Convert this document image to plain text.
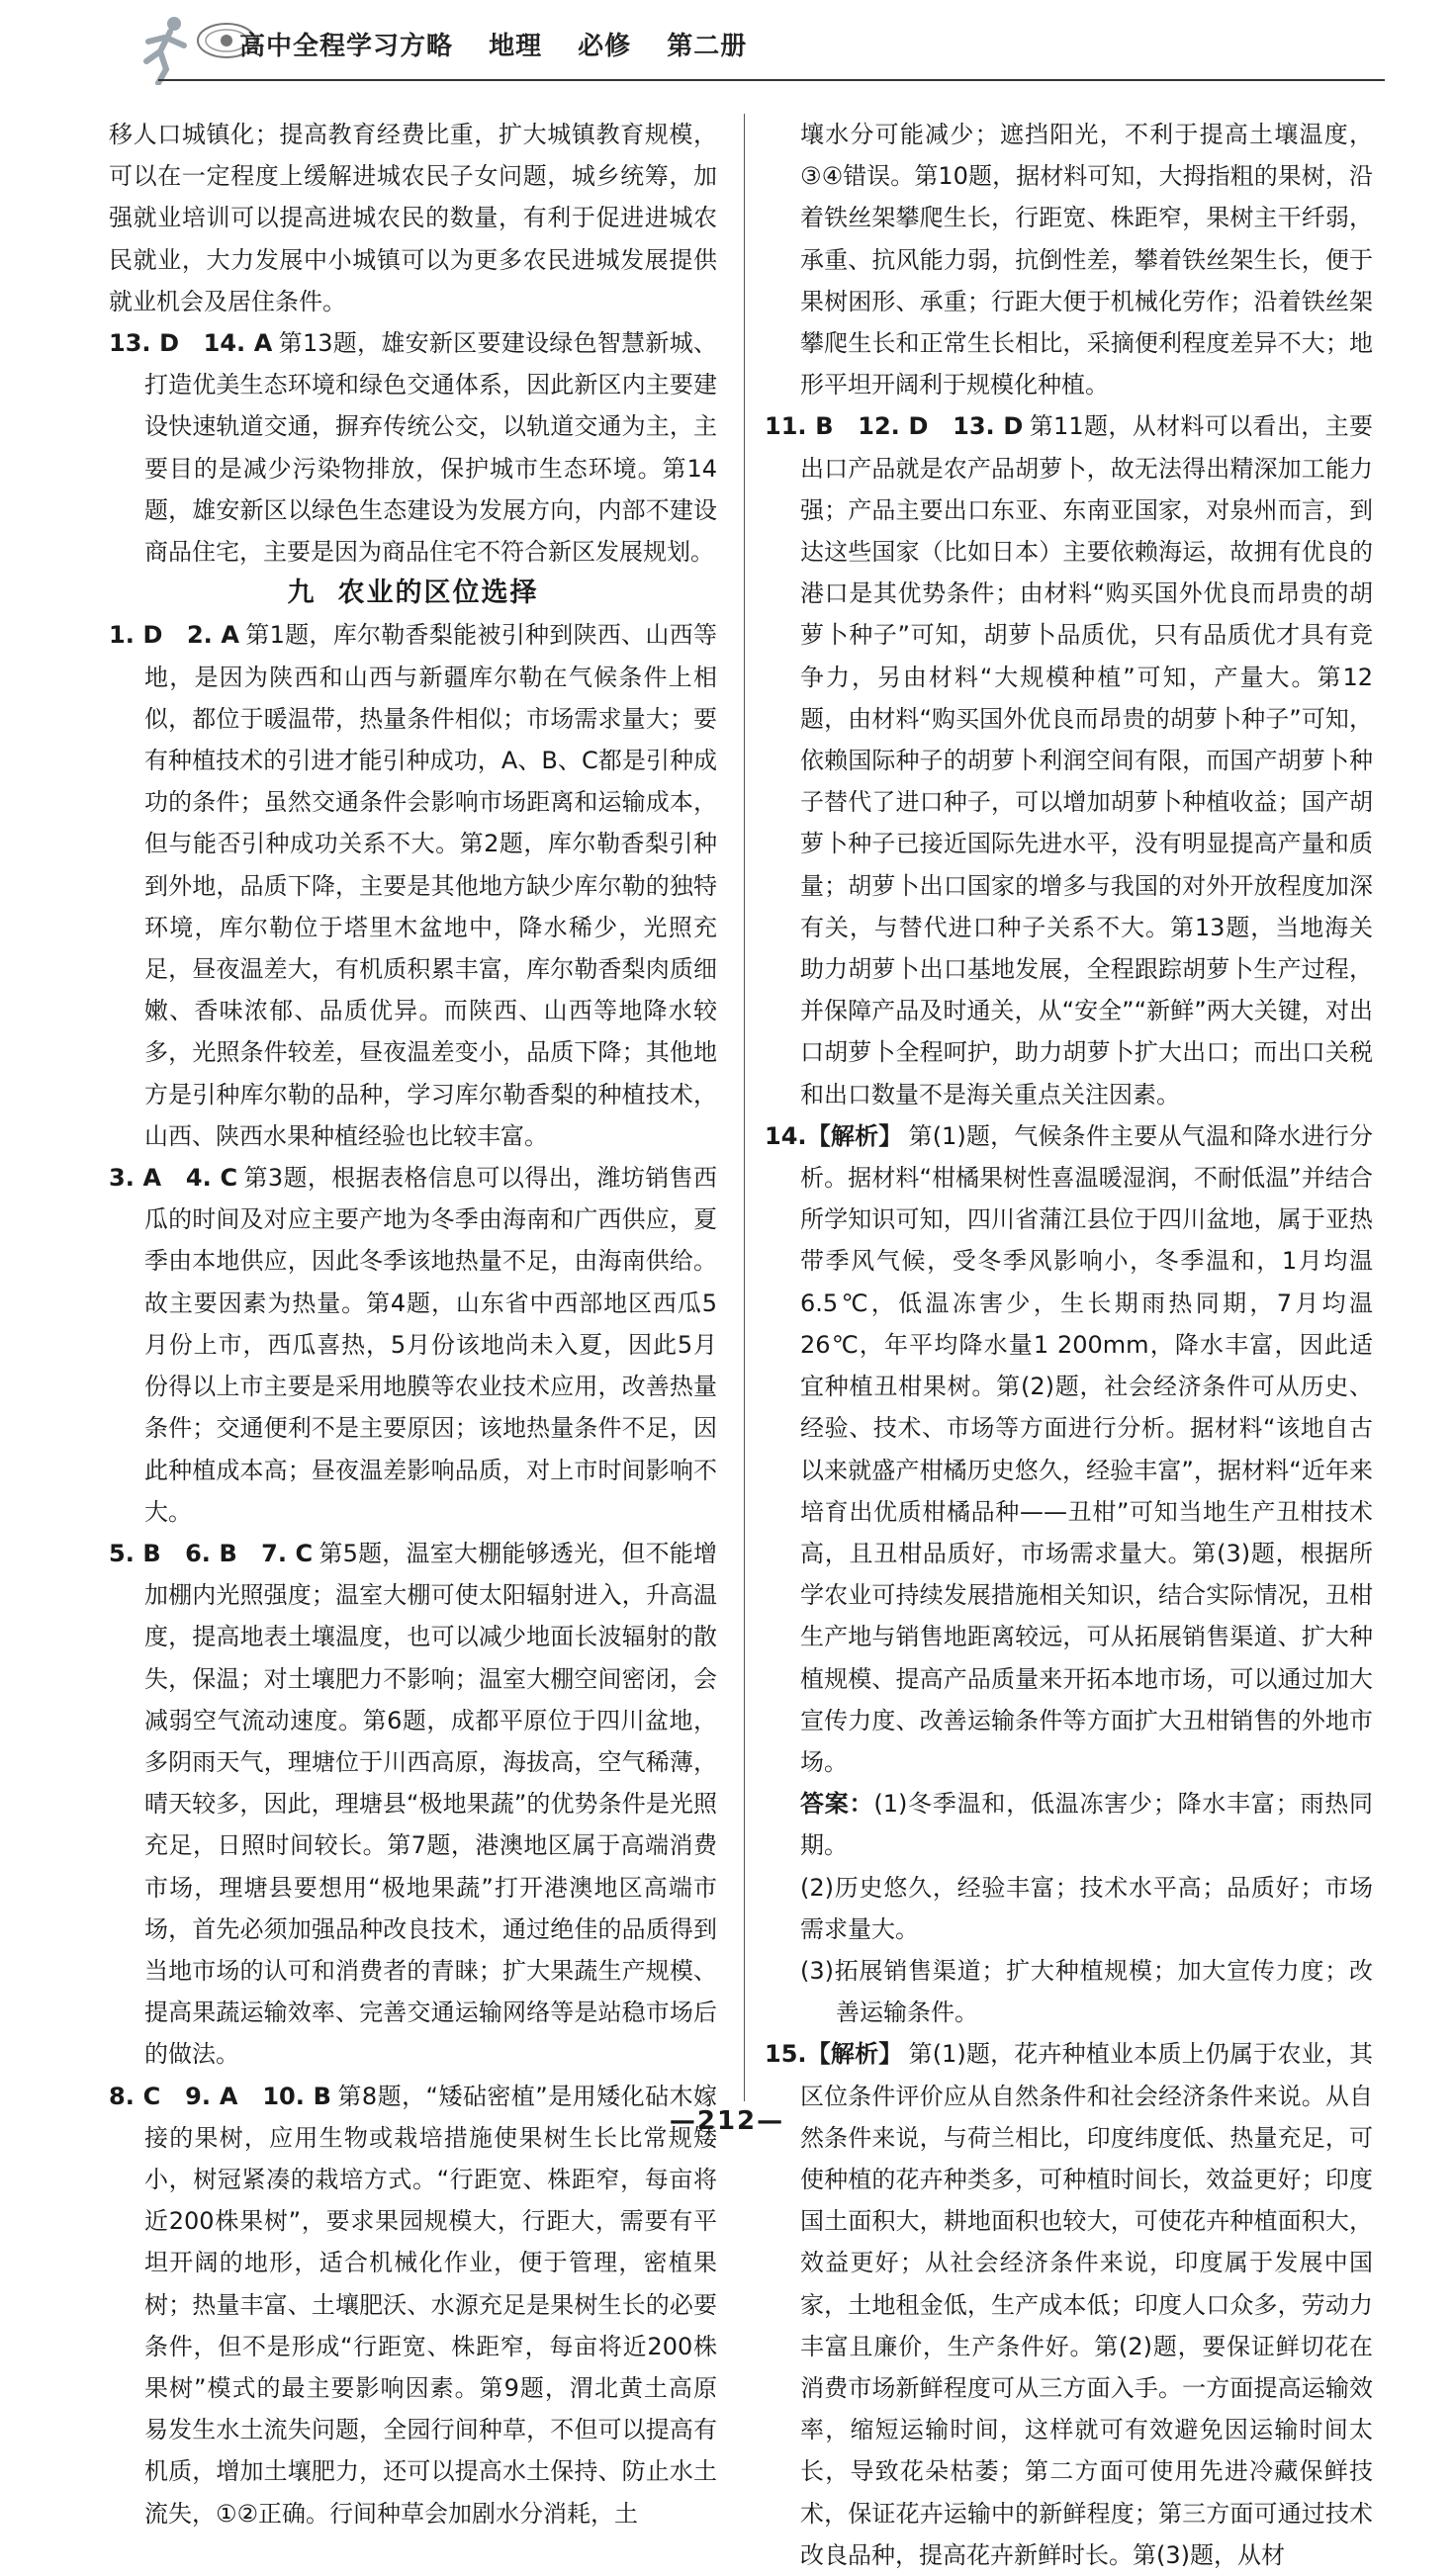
高中全程学习方略 地理 必修 第二册

移人口城镇化；提高教育经费比重，扩大城镇教育规模，可以在一定程度上缓解进城农民子女问题，城乡统筹，加强就业培训可以提高进城农民的数量，有利于促进进城农民就业，大力发展中小城镇可以为更多农民进城发展提供就业机会及居住条件。

13. D　14. A 第13题，雄安新区要建设绿色智慧新城、打造优美生态环境和绿色交通体系，因此新区内主要建设快速轨道交通，摒弃传统公交，以轨道交通为主，主要目的是减少污染物排放，保护城市生态环境。第14题，雄安新区以绿色生态建设为发展方向，内部不建设商品住宅，主要是因为商品住宅不符合新区发展规划。

九 农业的区位选择

1. D　2. A 第1题，库尔勒香梨能被引种到陕西、山西等地，是因为陕西和山西与新疆库尔勒在气候条件上相似，都位于暖温带，热量条件相似；市场需求量大；要有种植技术的引进才能引种成功，A、B、C都是引种成功的条件；虽然交通条件会影响市场距离和运输成本，但与能否引种成功关系不大。第2题，库尔勒香梨引种到外地，品质下降，主要是其他地方缺少库尔勒的独特环境，库尔勒位于塔里木盆地中，降水稀少，光照充足，昼夜温差大，有机质积累丰富，库尔勒香梨肉质细嫩、香味浓郁、品质优异。而陕西、山西等地降水较多，光照条件较差，昼夜温差变小，品质下降；其他地方是引种库尔勒的品种，学习库尔勒香梨的种植技术，山西、陕西水果种植经验也比较丰富。

3. A　4. C 第3题，根据表格信息可以得出，潍坊销售西瓜的时间及对应主要产地为冬季由海南和广西供应，夏季由本地供应，因此冬季该地热量不足，由海南供给。故主要因素为热量。第4题，山东省中西部地区西瓜5月份上市，西瓜喜热，5月份该地尚未入夏，因此5月份得以上市主要是采用地膜等农业技术应用，改善热量条件；交通便利不是主要原因；该地热量条件不足，因此种植成本高；昼夜温差影响品质，对上市时间影响不大。

5. B　6. B　7. C 第5题，温室大棚能够透光，但不能增加棚内光照强度；温室大棚可使太阳辐射进入，升高温度，提高地表土壤温度，也可以减少地面长波辐射的散失，保温；对土壤肥力不影响；温室大棚空间密闭，会减弱空气流动速度。第6题，成都平原位于四川盆地，多阴雨天气，理塘位于川西高原，海拔高，空气稀薄，晴天较多，因此，理塘县“极地果蔬”的优势条件是光照充足，日照时间较长。第7题，港澳地区属于高端消费市场，理塘县要想用“极地果蔬”打开港澳地区高端市场，首先必须加强品种改良技术，通过绝佳的品质得到当地市场的认可和消费者的青睐；扩大果蔬生产规模、提高果蔬运输效率、完善交通运输网络等是站稳市场后的做法。

8. C　9. A　10. B 第8题，“矮砧密植”是用矮化砧木嫁接的果树，应用生物或栽培措施使果树生长比常规矮小，树冠紧凑的栽培方式。“行距宽、株距窄，每亩将近200株果树”，要求果园规模大，行距大，需要有平坦开阔的地形，适合机械化作业，便于管理，密植果树；热量丰富、土壤肥沃、水源充足是果树生长的必要条件，但不是形成“行距宽、株距窄，每亩将近200株果树”模式的最主要影响因素。第9题，渭北黄土高原易发生水土流失问题，全园行间种草，不但可以提高有机质，增加土壤肥力，还可以提高水土保持、防止水土流失，①②正确。行间种草会加剧水分消耗，土

壤水分可能减少；遮挡阳光，不利于提高土壤温度，③④错误。第10题，据材料可知，大拇指粗的果树，沿着铁丝架攀爬生长，行距宽、株距窄，果树主干纤弱，承重、抗风能力弱，抗倒性差，攀着铁丝架生长，便于果树困形、承重；行距大便于机械化劳作；沿着铁丝架攀爬生长和正常生长相比，采摘便利程度差异不大；地形平坦开阔利于规模化种植。

11. B　12. D　13. D 第11题，从材料可以看出，主要出口产品就是农产品胡萝卜，故无法得出精深加工能力强；产品主要出口东亚、东南亚国家，对泉州而言，到达这些国家（比如日本）主要依赖海运，故拥有优良的港口是其优势条件；由材料“购买国外优良而昂贵的胡萝卜种子”可知，胡萝卜品质优，只有品质优才具有竞争力，另由材料“大规模种植”可知，产量大。第12题，由材料“购买国外优良而昂贵的胡萝卜种子”可知，依赖国际种子的胡萝卜利润空间有限，而国产胡萝卜种子替代了进口种子，可以增加胡萝卜种植收益；国产胡萝卜种子已接近国际先进水平，没有明显提高产量和质量；胡萝卜出口国家的增多与我国的对外开放程度加深有关，与替代进口种子关系不大。第13题，当地海关助力胡萝卜出口基地发展，全程跟踪胡萝卜生产过程，并保障产品及时通关，从“安全”“新鲜”两大关键，对出口胡萝卜全程呵护，助力胡萝卜扩大出口；而出口关税和出口数量不是海关重点关注因素。

14.【解析】 第(1)题，气候条件主要从气温和降水进行分析。据材料“柑橘果树性喜温暖湿润，不耐低温”并结合所学知识可知，四川省蒲江县位于四川盆地，属于亚热带季风气候，受冬季风影响小，冬季温和，1月均温6.5℃，低温冻害少，生长期雨热同期，7月均温26℃，年平均降水量1 200mm，降水丰富，因此适宜种植丑柑果树。第(2)题，社会经济条件可从历史、经验、技术、市场等方面进行分析。据材料“该地自古以来就盛产柑橘历史悠久，经验丰富”，据材料“近年来培育出优质柑橘品种——丑柑”可知当地生产丑柑技术高，且丑柑品质好，市场需求量大。第(3)题，根据所学农业可持续发展措施相关知识，结合实际情况，丑柑生产地与销售地距离较远，可从拓展销售渠道、扩大种植规模、提高产品质量来开拓本地市场，可以通过加大宣传力度、改善运输条件等方面扩大丑柑销售的外地市场。

答案：(1)冬季温和，低温冻害少；降水丰富；雨热同期。

(2)历史悠久，经验丰富；技术水平高；品质好；市场需求量大。

(3)拓展销售渠道；扩大种植规模；加大宣传力度；改善运输条件。

15.【解析】 第(1)题，花卉种植业本质上仍属于农业，其区位条件评价应从自然条件和社会经济条件来说。从自然条件来说，与荷兰相比，印度纬度低、热量充足，可使种植的花卉种类多，可种植时间长，效益更好；印度国土面积大，耕地面积也较大，可使花卉种植面积大，效益更好；从社会经济条件来说，印度属于发展中国家，土地租金低，生产成本低；印度人口众多，劳动力丰富且廉价，生产条件好。第(2)题，要保证鲜切花在消费市场新鲜程度可从三方面入手。一方面提高运输效率，缩短运输时间，这样就可有效避免因运输时间太长，导致花朵枯萎；第二方面可使用先进冷藏保鲜技术，保证花卉运输中的新鲜程度；第三方面可通过技术改良品种，提高花卉新鲜时长。第(3)题，从材

—212—
